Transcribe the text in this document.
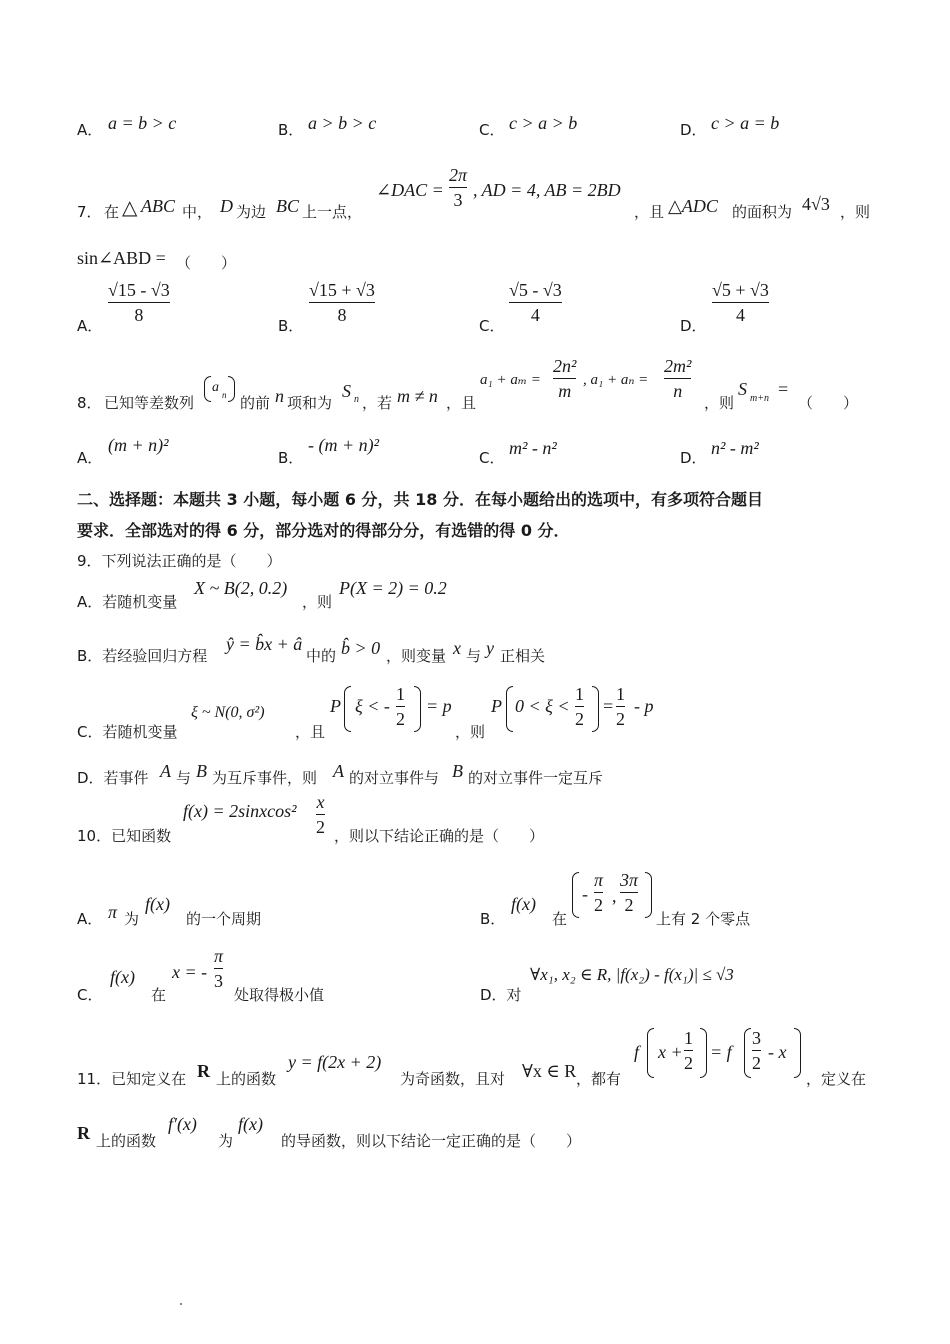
A． a = b > c	B． a > b > c	C． c > a > b	D． c > a = b
7． 在 △ ABC 中， D 为边 BC 上一点，
∠DAC =
2π
3 , AD = 4, AB = 2BD
，且 △ADC 的面积为 4√3 ，则
sin∠ABD = （　　）
A．
√15 - √3
8
B．
√15 + √3
8
C．
√5 - √3
4
D．
√5 + √3
4
8． 已知等差数列
a n 的前 n 项和为
S n ，若 m ≠ n ，且
a₁ + aₘ =
2n²
m
, a₁ + aₙ =
2m²
n
，则
S m+n =
（　　）
A．
(m + n)²
B．
- (m + n)²
C． m² - n²	D． n² - m²
二、选择题：本题共 3 小题，每小题 6 分，共 18 分．在每小题给出的选项中，有多项符合题目
要求．全部选对的得 6 分，部分选对的得部分分，有选错的得 0 分．
9．下列说法正确的是（　　）
A．若随机变量
X ~ B(2, 0.2)
，则
P(X = 2) = 0.2
B．若经验回归方程
ŷ = b̂x + â
中的 b̂ > 0 ，则变量 x 与 y 正相关
C．若随机变量
ξ ~ N(0, σ²)
，且
P ξ < -
1
2
= p
，则
P 0 < ξ <
1
2
=
1
2
- p
D．若事件 A 与 B 为互斥事件，则 A 的对立事件与 B 的对立事件一定互斥
10．已知函数
f(x) = 2sinxcos² x
2 ，则以下结论正确的是（　　）
A． π 为
f(x)
的一个周期	B．
f(x)
在
-
π
2 ,
3π
2
上有 2 个零点
C．
f(x)
在
x = -
π
3
处取得极小值	D．对
∀x₁, x₂ ∈ R, |f(x₂) - f(x₁)| ≤ √3
11．已知定义在 R 上的函数
y = f(2x + 2)
为奇函数，且对 ∀x ∈ R ，都有
f x +
1
2
= f
3
2
- x
，定义在
R 上的函数
f′(x)
为
f(x)
的导函数，则以下结论一定正确的是（　　）
